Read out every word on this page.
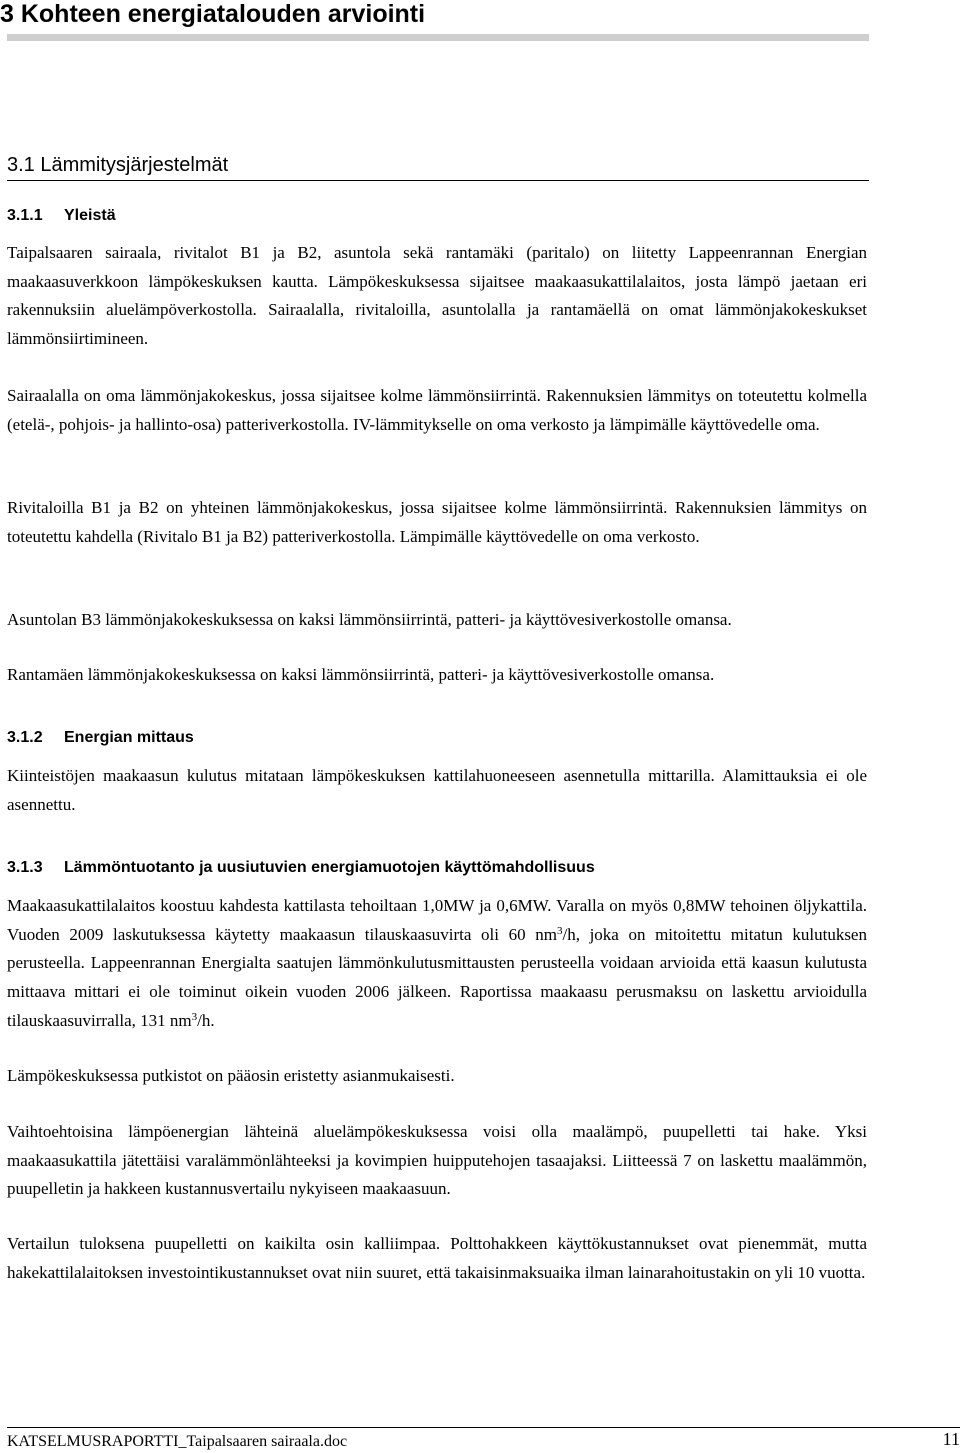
3 Kohteen energiatalouden arviointi
3.1 Lämmitysjärjestelmät
3.1.1 Yleistä

Taipalsaaren sairaala, rivitalot B1 ja B2, asuntola sekä rantamäki (paritalo) on liitetty Lappeenrannan Energian maakaasuverkkoon lämpökeskuksen kautta. Lämpökeskuksessa sijaitsee maakaasukattilalaitos, josta lämpö jaetaan eri rakennuksiin aluelämpöverkostolla. Sairaalalla, rivitaloilla, asuntolalla ja rantamäellä on omat lämmönjakokeskukset lämmönsiirtimineen.

Sairaalalla on oma lämmönjakokeskus, jossa sijaitsee kolme lämmönsiirrintä. Rakennuksien lämmitys on toteutettu kolmella (etelä-, pohjois- ja hallinto-osa) patteriverkostolla. IV-lämmitykselle on oma verkosto ja lämpimälle käyttövedelle oma.

Rivitaloilla B1 ja B2 on yhteinen lämmönjakokeskus, jossa sijaitsee kolme lämmönsiirrintä. Rakennuksien lämmitys on toteutettu kahdella (Rivitalo B1 ja B2) patteriverkostolla. Lämpimälle käyttövedelle on oma verkosto.

Asuntolan B3 lämmönjakokeskuksessa on kaksi lämmönsiirrintä, patteri- ja käyttövesiverkostolle omansa.

Rantamäen lämmönjakokeskuksessa on kaksi lämmönsiirrintä, patteri- ja käyttövesiverkostolle omansa.

3.1.2 Energian mittaus

Kiinteistöjen maakaasun kulutus mitataan lämpökeskuksen kattilahuoneeseen asennetulla mittarilla. Alamittauksia ei ole asennettu.

3.1.3 Lämmöntuotanto ja uusiutuvien energiamuotojen käyttömahdollisuus

Maakaasukattilalaitos koostuu kahdesta kattilasta tehoiltaan 1,0MW ja 0,6MW. Varalla on myös 0,8MW tehoinen öljykattila. Vuoden 2009 laskutuksessa käytetty maakaasun tilauskaasuvirta oli 60 $nm^3/h$, joka on mitoitettu mitatun kulutuksen perusteella. Lappeenrannan Energialta saatujen lämmönkulutusmittausten perusteella voidaan arvioida että kaasun kulutusta mittaava mittari ei ole toiminut oikein vuoden 2006 jälkeen. Raportissa maakaasu perusmaksu on laskettu arvioidulla tilauskaasuvirralla, 131 $nm^3/h$.

Lämpökeskuksessa putkistot on pääosin eristetty asianmukaisesti.

Vaihtoehtoisina lämpöenergian lähteinä aluelämpökeskuksessa voisi olla maalämpö, puupelletti tai hake. Yksi maakaasukattila jätettäisi varalämmönlähteeksi ja kovimpien huipputehojen tasaajaksi. Liitteessä 7 on laskettu maalämmön, puupelletin ja hakkeen kustannusvertailu nykyiseen maakaasuun.

Vertailun tuloksena puupelletti on kaikilta osin kalliimpaa. Polttohakkeen käyttökustannukset ovat pienemmät, mutta hakekattilalaitoksen investointikustannukset ovat niin suuret, että takaisinmaksuaika ilman lainarahoitustakin on yli 10 vuotta.

KATSELMUSRAPORTTI_Taipalsaaren sairaala.doc	11
